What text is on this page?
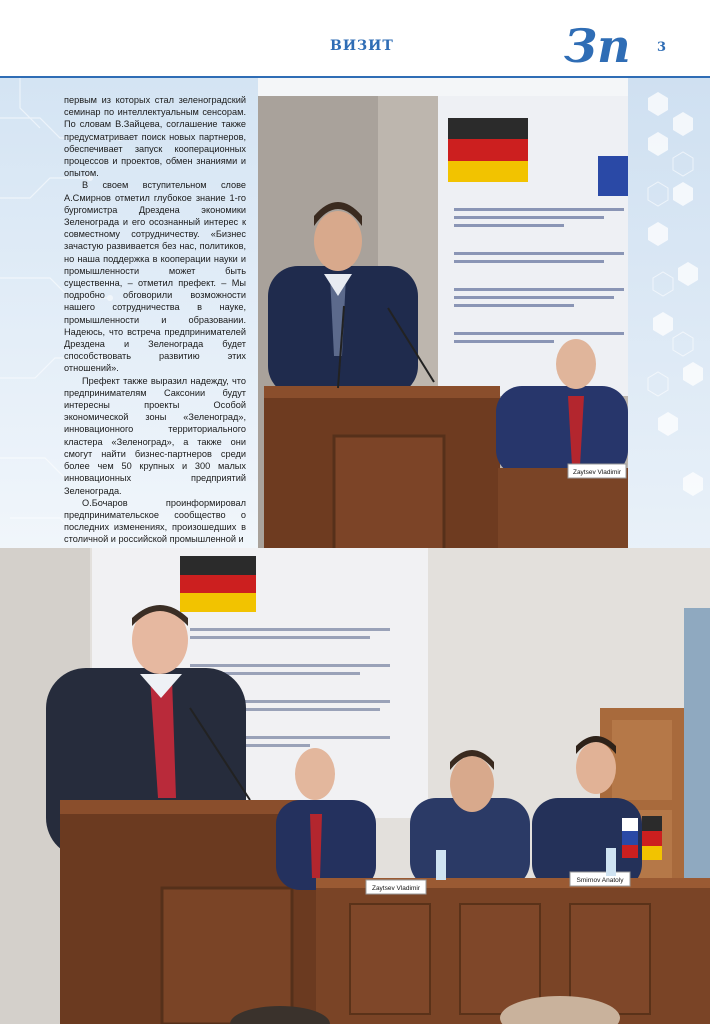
первым из которых стал зеленоградский семинар по интеллектуальным сенсорам. По словам В.Зайцева, соглашение также предусматривает поиск новых партнеров, обеспечивает запуск кооперационных процессов и проектов, обмен знаниями и опытом.

В своем вступительном слове А.Смирнов отметил глубокое знание 1-го бургомистра Дрездена экономики Зеленограда и его осознанный интерес к совместному сотрудничеству. «Бизнес зачастую развивается без нас, политиков, но наша поддержка в кооперации науки и промышленности может быть существенна, – отметил префект. – Мы подробно обговорили возможности нашего сотрудничества в науке, промышленности и образовании. Надеюсь, что встреча предпринимателей Дрездена и Зеленограда будет способствовать развитию этих отношений».

Префект также выразил надежду, что предпринимателям Саксонии будут интересны проекты Особой экономической зоны «Зеленоград», инновационного территориального кластера «Зеленоград», а также они смогут найти бизнес-партнеров среди более чем 50 крупных и 300 малых инновационных предприятий Зеленограда.

О.Бочаров проинформировал предпринимательское сообщество о последних изменениях, произошедших в столичной и российской промышленной и

Zaytsev Vladimir
Zaytsev Vladimir
Smirnov Anatoly
ВИЗИТ	Зп 3
